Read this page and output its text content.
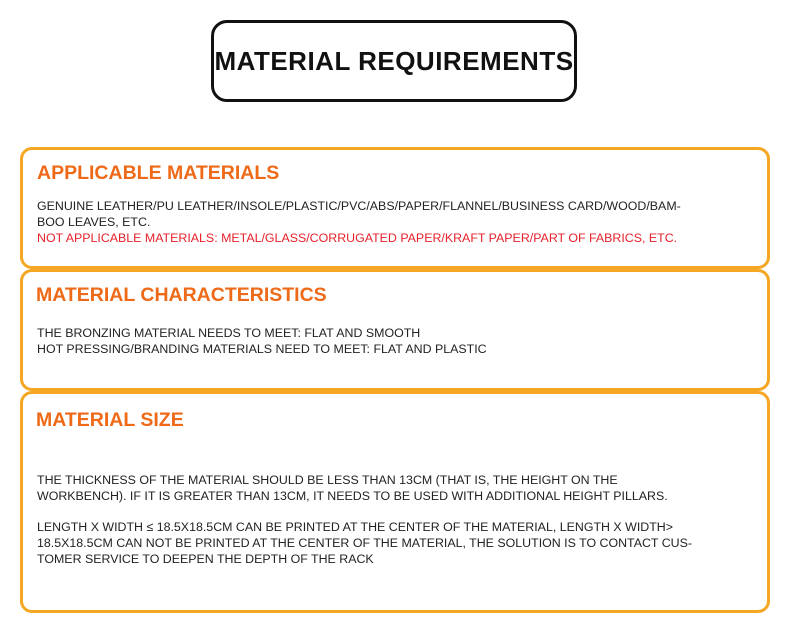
MATERIAL REQUIREMENTS
APPLICABLE MATERIALS
GENUINE LEATHER/PU LEATHER/INSOLE/PLASTIC/PVC/ABS/PAPER/FLANNEL/BUSINESS CARD/WOOD/BAM-
BOO LEAVES, ETC.
NOT APPLICABLE MATERIALS: METAL/GLASS/CORRUGATED PAPER/KRAFT PAPER/PART OF FABRICS, ETC.
MATERIAL CHARACTERISTICS
THE BRONZING MATERIAL NEEDS TO MEET: FLAT AND SMOOTH
HOT PRESSING/BRANDING MATERIALS NEED TO MEET: FLAT AND PLASTIC
MATERIAL SIZE
THE THICKNESS OF THE MATERIAL SHOULD BE LESS THAN 13CM (THAT IS, THE HEIGHT ON THE
WORKBENCH). IF IT IS GREATER THAN 13CM, IT NEEDS TO BE USED WITH ADDITIONAL HEIGHT PILLARS.
LENGTH X WIDTH ≤ 18.5X18.5CM CAN BE PRINTED AT THE CENTER OF THE MATERIAL, LENGTH X WIDTH>
18.5X18.5CM CAN NOT BE PRINTED AT THE CENTER OF THE MATERIAL, THE SOLUTION IS TO CONTACT CUS-
TOMER SERVICE TO DEEPEN THE DEPTH OF THE RACK
